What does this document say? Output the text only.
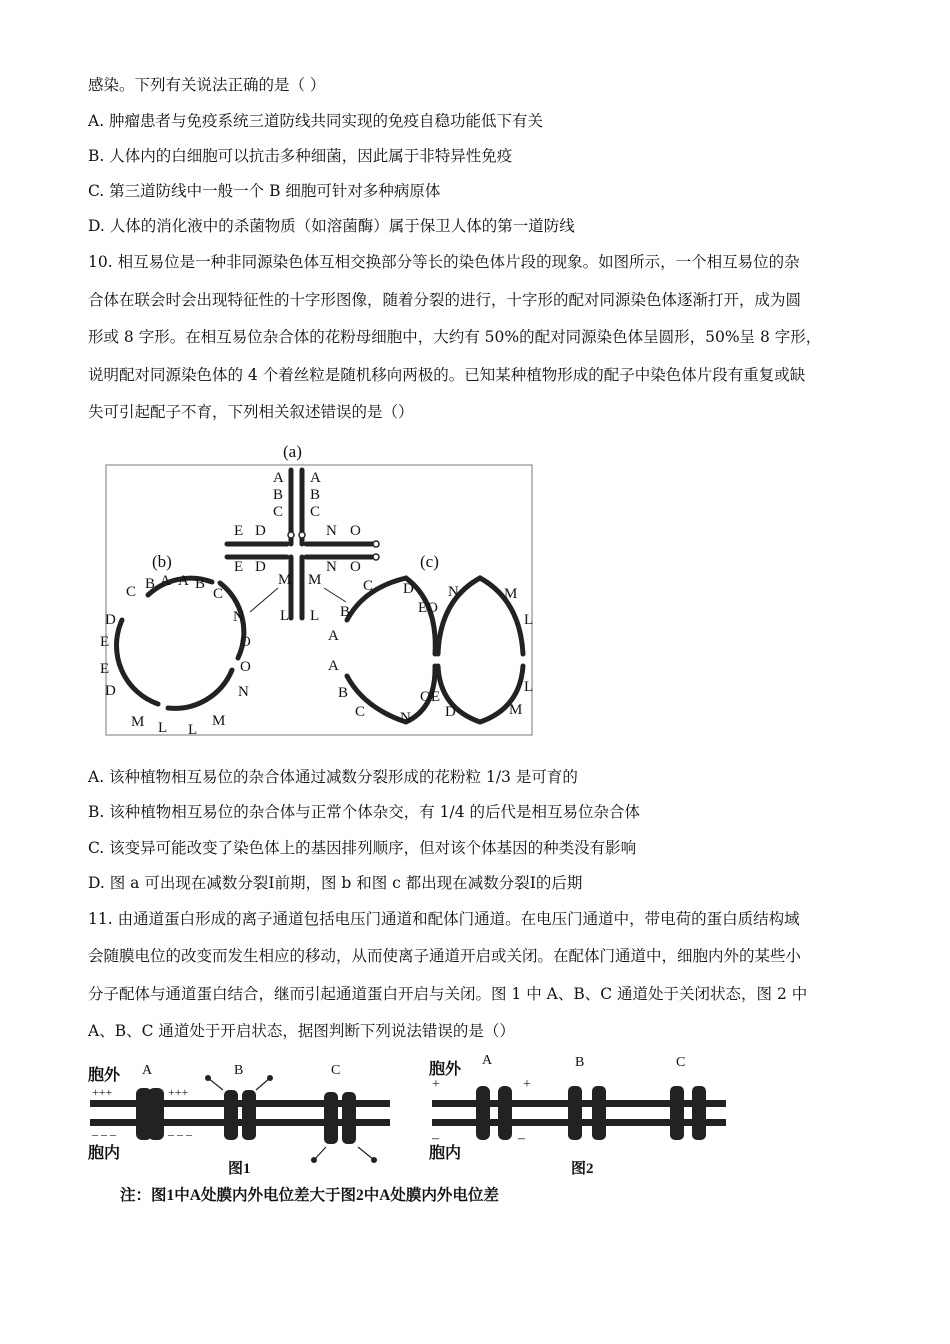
感染。下列有关说法正确的是（ ）
A. 肿瘤患者与免疫系统三道防线共同实现的免疫自稳功能低下有关
B. 人体内的白细胞可以抗击多种细菌，因此属于非特异性免疫
C. 第三道防线中一般一个 B 细胞可针对多种病原体
D. 人体的消化液中的杀菌物质（如溶菌酶）属于保卫人体的第一道防线
10. 相互易位是一种非同源染色体互相交换部分等长的染色体片段的现象。如图所示，一个相互易位的杂
合体在联会时会出现特征性的十字形图像，随着分裂的进行，十字形的配对同源染色体逐渐打开，成为圆
形或 8 字形。在相互易位杂合体的花粉母细胞中，大约有 50%的配对同源染色体呈圆形，50%呈 8 字形，
说明配对同源染色体的 4 个着丝粒是随机移向两极的。已知某种植物形成的配子中染色体片段有重复或缺
失可引起配子不育，下列相关叙述错误的是（）
(a)
(b)	(c)
A A
B B
C C
E D	N O
E D	N O
M M
L L
B A A B
C
N
O
O
N
M
L
L
M
D
E
E
D
C	C D
EO
N	M
L
B
A
A
B
C N
OE
D	M
L
A. 该种植物相互易位的杂合体通过减数分裂形成的花粉粒 1/3 是可育的
B. 该种植物相互易位的杂合体与正常个体杂交，有 1/4 的后代是相互易位杂合体
C. 该变异可能改变了染色体上的基因排列顺序，但对该个体基因的种类没有影响
D. 图 a 可出现在减数分裂Ⅰ前期，图 b 和图 c 都出现在减数分裂Ⅰ的后期
11. 由通道蛋白形成的离子通道包括电压门通道和配体门通道。在电压门通道中，带电荷的蛋白质结构域
会随膜电位的改变而发生相应的移动，从而使离子通道开启或关闭。在配体门通道中，细胞内外的某些小
分子配体与通道蛋白结合，继而引起通道蛋白开启与关闭。图 1 中 A、B、C 通道处于关闭状态，图 2 中
A、B、C 通道处于开启状态，据图判断下列说法错误的是（）
胞外
胞内
胞外
胞内
A	B	C
A	B	C
+++	+++
– – –	– – –
+	+
–	–
图1	图2
注：图1中A处膜内外电位差大于图2中A处膜内外电位差
